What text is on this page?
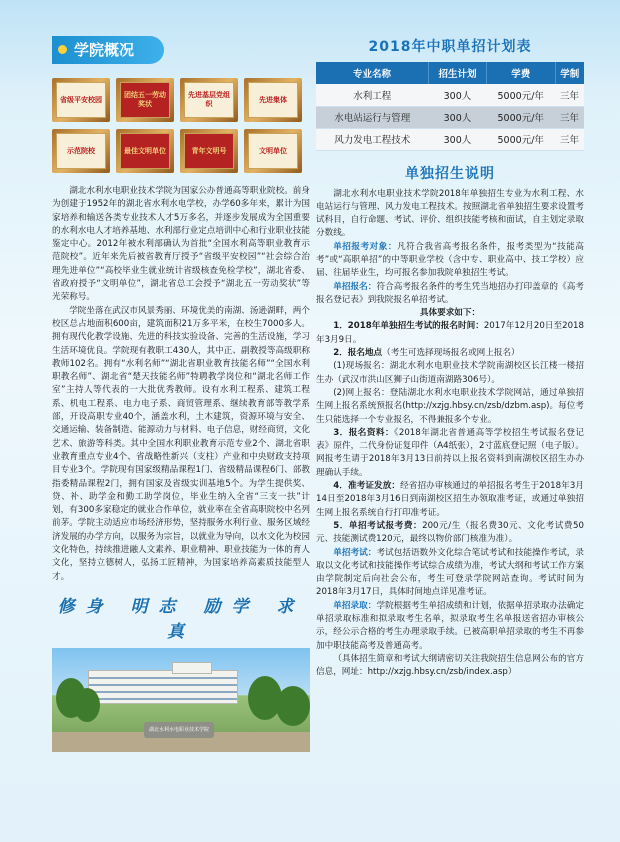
学院概况
省级平安校园
团结五一劳动奖状
先进基层党组织
先进集体
示范院校	最佳文明单位	青年文明号	文明单位

湖北水利水电职业技术学院为国家公办普通高等职业院校。前身为创建于1952年的湖北省水利水电学校，办学60多年来，累计为国家培养和输送各类专业技术人才5万多名，并逐步发展成为全国重要的水利水电人才培养基地、水利部行业定点培训中心和行业职业技能鉴定中心。2012年被水利部确认为首批“全国水利高等职业教育示范院校”。近年来先后被省教育厅授予“省级平安校园”“社会综合治理先进单位”“高校毕业生就业统计省级核查免检学校”，湖北省委、省政府授予“文明单位”，湖北省总工会授予“湖北五一劳动奖状”等光荣称号。

学院坐落在武汉市风景秀丽、环境优美的南湖、汤逊湖畔，两个校区总占地面积600亩，建筑面积21万多平米，在校生7000多人。拥有现代化教学设施、先进的科技实验设备、完善的生活设施，学习生活环境优良。学院现有教职工430人，其中正、副教授等高级职称教师102名。拥有“水利名师”“湖北省职业教育技能名师”“全国水利职教名师”、湖北省“楚天技能名师”特聘教学岗位和“湖北名师工作室”主持人等代表的一大批优秀教师。设有水利工程系、建筑工程系、机电工程系、电力电子系、商贸管理系、继续教育部等教学系部，开设高职专业40个，涵盖水利，土木建筑，资源环境与安全、交通运输、装备制造、能源动力与材料、电子信息，财经商贸，文化艺术、旅游等科类。其中全国水利职业教育示范专业2个、湖北省职业教育重点专业4个、省战略性新兴（支柱）产业和中央财政支持项目专业3个。学院现有国家级精品课程1门、省级精品课程6门、部教指委精品课程2门，拥有国家及省级实训基地5个。为学生提供奖、贷、补、助学金和勤工助学岗位，毕业生纳入全省“三支一扶”计划，有300多家稳定的就业合作单位，就业率在全省高职院校中名列前茅。学院主动适应市场经济形势，坚持服务水利行业、服务区域经济发展的办学方向，以服务为宗旨，以就业为导向，以水文化为校园文化特色，持续推进融人文素养、职业精神、职业技能为一体的育人文化，坚持立德树人，弘扬工匠精神，为国家培养高素质技能型人才。

修身 明志 励学 求真
湖北水利水电职业技术学院
2018年中职单招计划表
专业名称	招生计划	学费	学制
水利工程	300人	5000元/年	三年
水电站运行与管理	300人	5000元/年	三年
风力发电工程技术	300人	5000元/年	三年
单独招生说明

湖北水利水电职业技术学院2018年单独招生专业为水利工程、水电站运行与管理、风力发电工程技术。按照湖北省单独招生要求设置考试科目，自行命题、考试、评价、组织技能考核和面试，自主划定录取分数线。

单招报考对象：凡符合我省高考报名条件，报考类型为“技能高考”或“高职单招”的中等职业学校（含中专、职业高中、技工学校）应届、往届毕业生，均可报名参加我院单独招生考试。

单招报名：符合高考报名条件的考生凭当地招办打印盖章的《高考报名登记表》到我院报名单招考试。

具体要求如下：

1．2018年单独招生考试的报名时间：2017年12月20日至2018年3月9日。

2．报名地点（考生可选择现场报名或网上报名）

(1)现场报名：湖北水利水电职业技术学院南湖校区长江楼一楼招生办（武汉市洪山区狮子山街道南湖路306号）。

(2)网上报名：登陆湖北水利水电职业技术学院网站，通过单独招生网上报名系统预报名(http://xzjg.hbsy.cn/zsb/dzbm.asp)。每位考生只能选择一个专业报名，不得兼报多个专业。

3．报名资料：《2018年湖北省普通高等学校招生考试报名登记表》原件，二代身份证复印件（A4纸张），2寸蓝底登记照（电子版）。网报考生请于2018年3月13日前持以上报名资料到南湖校区招生办办理确认手续。

4．准考证发放：经省招办审核通过的单招报名考生于2018年3月14日至2018年3月16日到南湖校区招生办领取准考证，或通过单独招生网上报名系统自行打印准考证。

5．单招考试报考费：200元/生（报名费30元、文化考试费50元、技能测试费120元，最终以物价部门核准为准）。

单招考试：考试包括语数外文化综合笔试考试和技能操作考试，录取以文化考试和技能操作考试综合成绩为准，考试大纲和考试工作方案由学院制定后向社会公布，考生可登录学院网站查询。考试时间为2018年3月17日，具体时间地点详见准考证。

单招录取：学院根据考生单招成绩和计划，依据单招录取办法确定单招录取标准和拟录取考生名单，拟录取考生名单报送省招办审核公示，经公示合格的考生办理录取手续。已被高职单招录取的考生不再参加中职技能高考及普通高考。

（具体招生简章和考试大纲请密切关注我院招生信息网公布的官方信息，网址：http://xzjg.hbsy.cn/zsb/index.asp）
